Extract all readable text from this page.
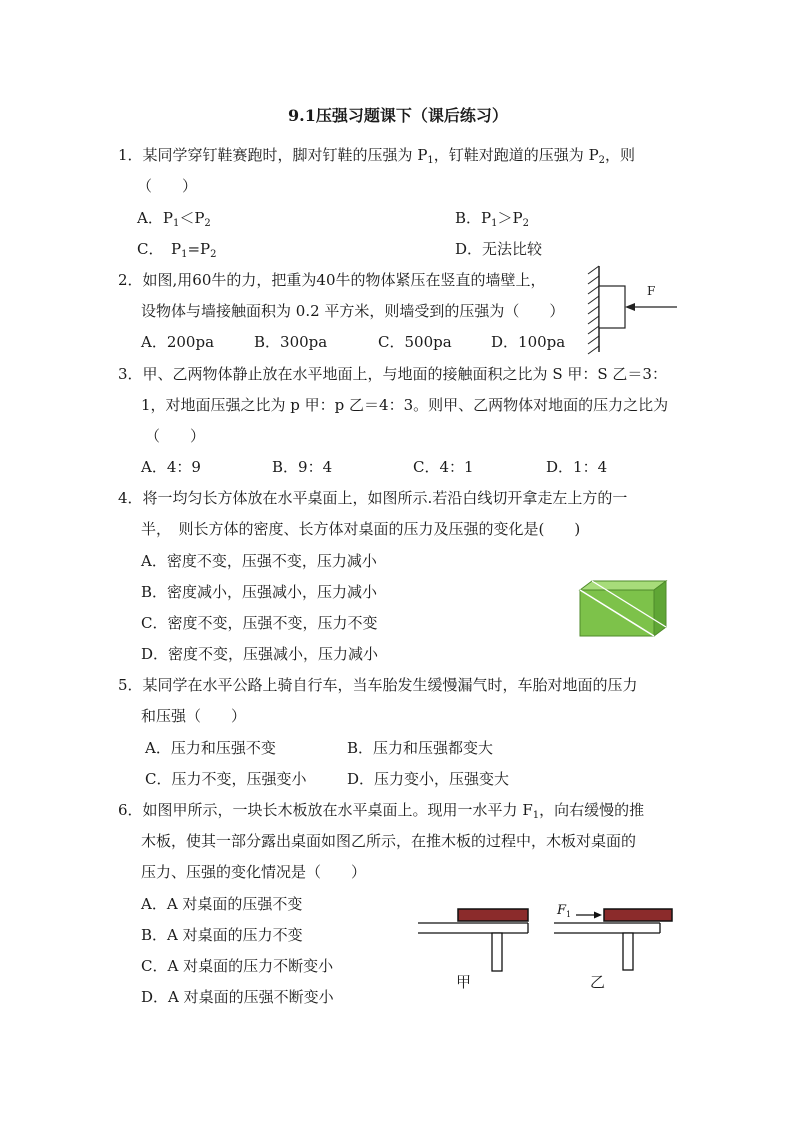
9.1压强习题课下（课后练习）
1．某同学穿钉鞋赛跑时，脚对钉鞋的压强为 $P_1$，钉鞋对跑道的压强为 $P_2$，则
（　　）
A．$P_1<P_2$	B．$P_1>P_2$
C．　$P_1=P_2$	D．无法比较
2．如图,用60牛的力，把重为40牛的物体紧压在竖直的墙壁上，
设物体与墙接触面积为 0.2 平方米，则墙受到的压强为（　　）
A．200pa	B．300pa	C．500pa	D．100pa
F
3．甲、乙两物体静止放在水平地面上，与地面的接触面积之比为 S 甲：S 乙＝3：
1，对地面压强之比为 p 甲：p 乙＝4：3。则甲、乙两物体对地面的压力之比为
（　　）
A．4：9	B．9：4	C．4：1	D．1：4
4．将一均匀长方体放在水平桌面上，如图所示.若沿白线切开拿走左上方的一
半，　则长方体的密度、长方体对桌面的压力及压强的变化是(　　)
A．密度不变，压强不变，压力减小
B．密度减小，压强减小，压力减小
C．密度不变，压强不变，压力不变
D．密度不变，压强减小，压力减小
5．某同学在水平公路上骑自行车，当车胎发生缓慢漏气时，车胎对地面的压力
和压强（　　）
A．压力和压强不变	B．压力和压强都变大
C．压力不变，压强变小	D．压力变小，压强变大
6．如图甲所示，一块长木板放在水平桌面上。现用一水平力 $F_1$，向右缓慢的推
木板，使其一部分露出桌面如图乙所示，在推木板的过程中，木板对桌面的
压力、压强的变化情况是（　　）
A．A 对桌面的压强不变
B．A 对桌面的压力不变
C．A 对桌面的压力不断变小
D．A 对桌面的压强不断变小
甲
F 1
乙
